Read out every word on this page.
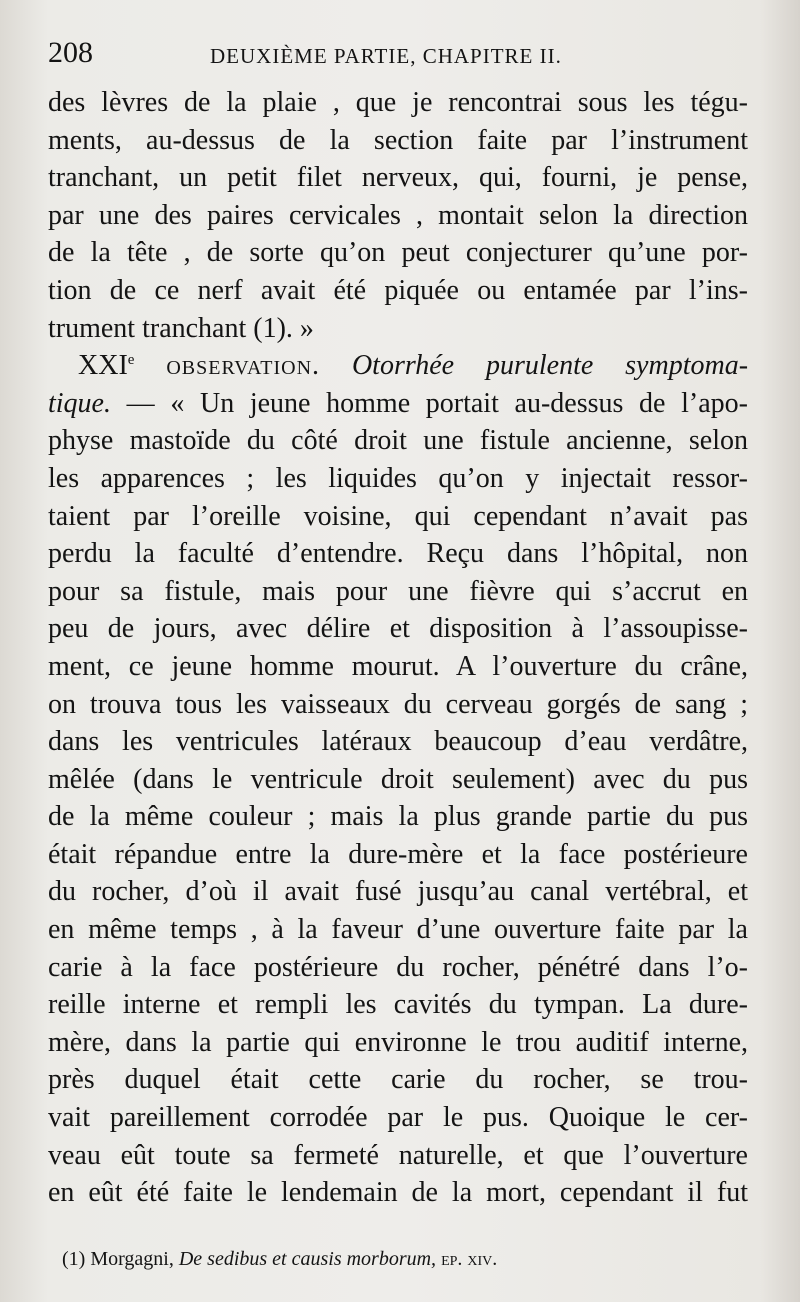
208	DEUXIÈME PARTIE, CHAPITRE II.
des lèvres de la plaie , que je rencontrai sous les tégu-
ments, au-dessus de la section faite par l’instrument
tranchant, un petit filet nerveux, qui, fourni, je pense,
par une des paires cervicales , montait selon la direction
de la tête , de sorte qu’on peut conjecturer qu’une por-
tion de ce nerf avait été piquée ou entamée par l’ins-
trument tranchant (1). »
XXIe observation. Otorrhée purulente symptoma-
tique. — « Un jeune homme portait au-dessus de l’apo-
physe mastoïde du côté droit une fistule ancienne, selon
les apparences ; les liquides qu’on y injectait ressor-
taient par l’oreille voisine, qui cependant n’avait pas
perdu la faculté d’entendre. Reçu dans l’hôpital, non
pour sa fistule, mais pour une fièvre qui s’accrut en
peu de jours, avec délire et disposition à l’assoupisse-
ment, ce jeune homme mourut. A l’ouverture du crâne,
on trouva tous les vaisseaux du cerveau gorgés de sang ;
dans les ventricules latéraux beaucoup d’eau verdâtre,
mêlée (dans le ventricule droit seulement) avec du pus
de la même couleur ; mais la plus grande partie du pus
était répandue entre la dure-mère et la face postérieure
du rocher, d’où il avait fusé jusqu’au canal vertébral, et
en même temps , à la faveur d’une ouverture faite par la
carie à la face postérieure du rocher, pénétré dans l’o-
reille interne et rempli les cavités du tympan. La dure-
mère, dans la partie qui environne le trou auditif interne,
près duquel était cette carie du rocher, se trou-
vait pareillement corrodée par le pus. Quoique le cer-
veau eût toute sa fermeté naturelle, et que l’ouverture
en eût été faite le lendemain de la mort, cependant il fut
(1) Morgagni, De sedibus et causis morborum, ep. xiv.
